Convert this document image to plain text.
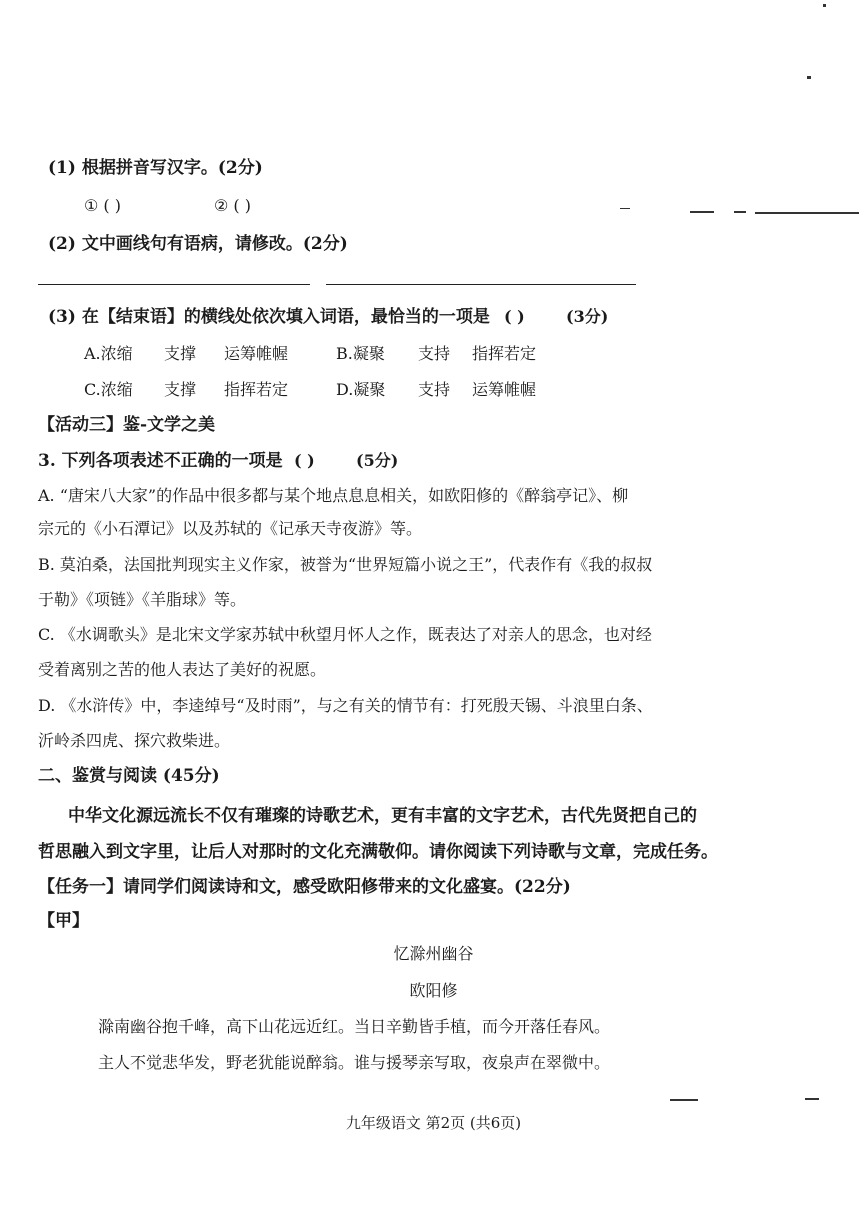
(1) 根据拼音写汉字。(2分)
① ( )	② ( )
(2) 文中画线句有语病，请修改。(2分)
(3) 在【结束语】的横线处依次填入词语，最恰当的一项是 ( )	(3分)
A.浓缩 支撑 运筹帷幄	B.凝聚 支持 指挥若定
C.浓缩 支撑 指挥若定	D.凝聚 支持 运筹帷幄
【活动三】鉴-文学之美
3. 下列各项表述不正确的一项是 ( )	(5分)
A. “唐宋八大家”的作品中很多都与某个地点息息相关，如欧阳修的《醉翁亭记》、柳
宗元的《小石潭记》以及苏轼的《记承天寺夜游》等。
B. 莫泊桑，法国批判现实主义作家，被誉为“世界短篇小说之王”，代表作有《我的叔叔
于勒》《项链》《羊脂球》等。
C. 《水调歌头》是北宋文学家苏轼中秋望月怀人之作，既表达了对亲人的思念，也对经
受着离别之苦的他人表达了美好的祝愿。
D. 《水浒传》中，李逵绰号“及时雨”，与之有关的情节有：打死殷天锡、斗浪里白条、
沂岭杀四虎、探穴救柴进。
二、鉴赏与阅读 (45分)
中华文化源远流长不仅有璀璨的诗歌艺术，更有丰富的文字艺术，古代先贤把自己的
哲思融入到文字里，让后人对那时的文化充满敬仰。请你阅读下列诗歌与文章，完成任务。
【任务一】请同学们阅读诗和文，感受欧阳修带来的文化盛宴。(22分)
【甲】
忆滁州幽谷
欧阳修
滁南幽谷抱千峰，高下山花远近红。当日辛勤皆手植，而今开落任春风。
主人不觉悲华发，野老犹能说醉翁。谁与援琴亲写取，夜泉声在翠微中。
九年级语文 第2页 (共6页)
